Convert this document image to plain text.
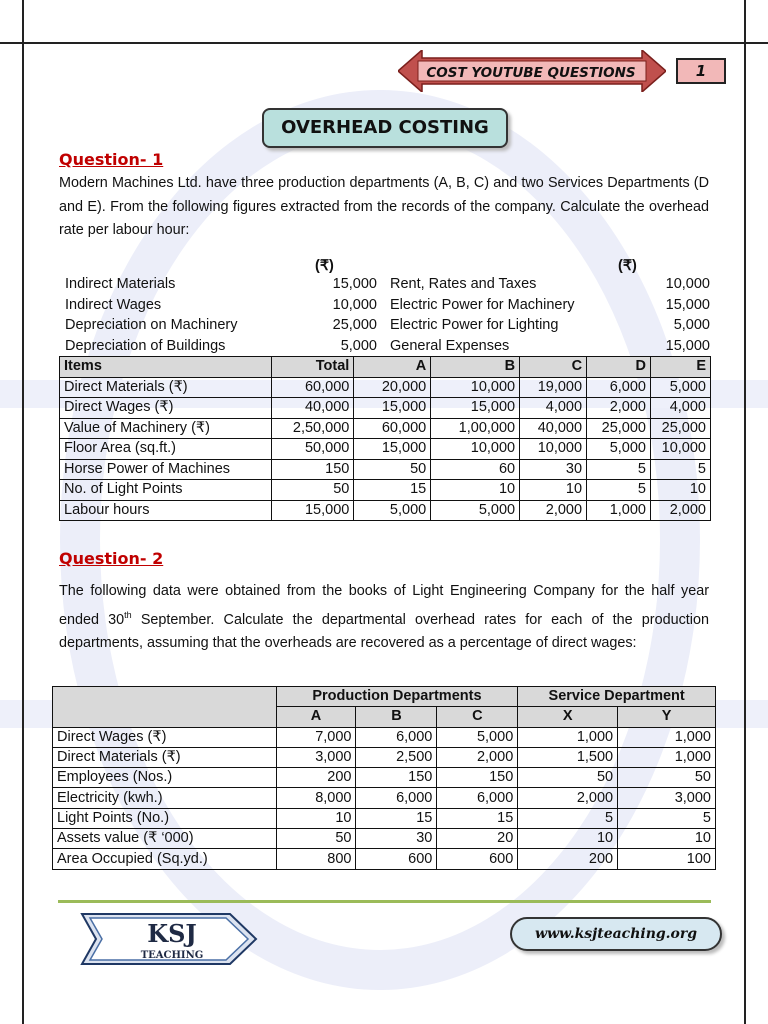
COST YOUTUBE QUESTIONS	1
OVERHEAD COSTING
Question- 1
Modern Machines Ltd. have three production departments (A, B, C) and two Services Departments (D and E). From the following figures extracted from the records of the company. Calculate the overhead rate per labour hour:
(₹)	(₹)
Indirect Materials	15,000 Rent, Rates and Taxes	10,000
Indirect Wages	10,000 Electric Power for Machinery	15,000
Depreciation on Machinery	25,000 Electric Power for Lighting	5,000
Depreciation of Buildings	5,000 General Expenses	15,000
Items	Total	A	B	C	D	E
Direct Materials (₹)	60,000	20,000	10,000	19,000	6,000	5,000
Direct Wages (₹)	40,000	15,000	15,000	4,000	2,000	4,000
Value of Machinery (₹)	2,50,000	60,000	1,00,000	40,000	25,000	25,000
Floor Area (sq.ft.)	50,000	15,000	10,000	10,000	5,000	10,000
Horse Power of Machines	150	50	60	30	5	5
No. of Light Points	50	15	10	10	5	10
Labour hours	15,000	5,000	5,000	2,000	1,000	2,000
Question- 2
The following data were obtained from the books of Light Engineering Company for the half year ended 30th September. Calculate the departmental overhead rates for each of the production departments, assuming that the overheads are recovered as a percentage of direct wages:
	Production Departments			Service Department	
	A	B	C	X	Y
Direct Wages (₹)	7,000	6,000	5,000	1,000	1,000
Direct Materials (₹)	3,000	2,500	2,000	1,500	1,000
Employees (Nos.)	200	150	150	50	50
Electricity (kwh.)	8,000	6,000	6,000	2,000	3,000
Light Points (No.)	10	15	15	5	5
Assets value (₹ ‘000)	50	30	20	10	10
Area Occupied (Sq.yd.)	800	600	600	200	100
KSJ
TEACHING
www.ksjteaching.org
